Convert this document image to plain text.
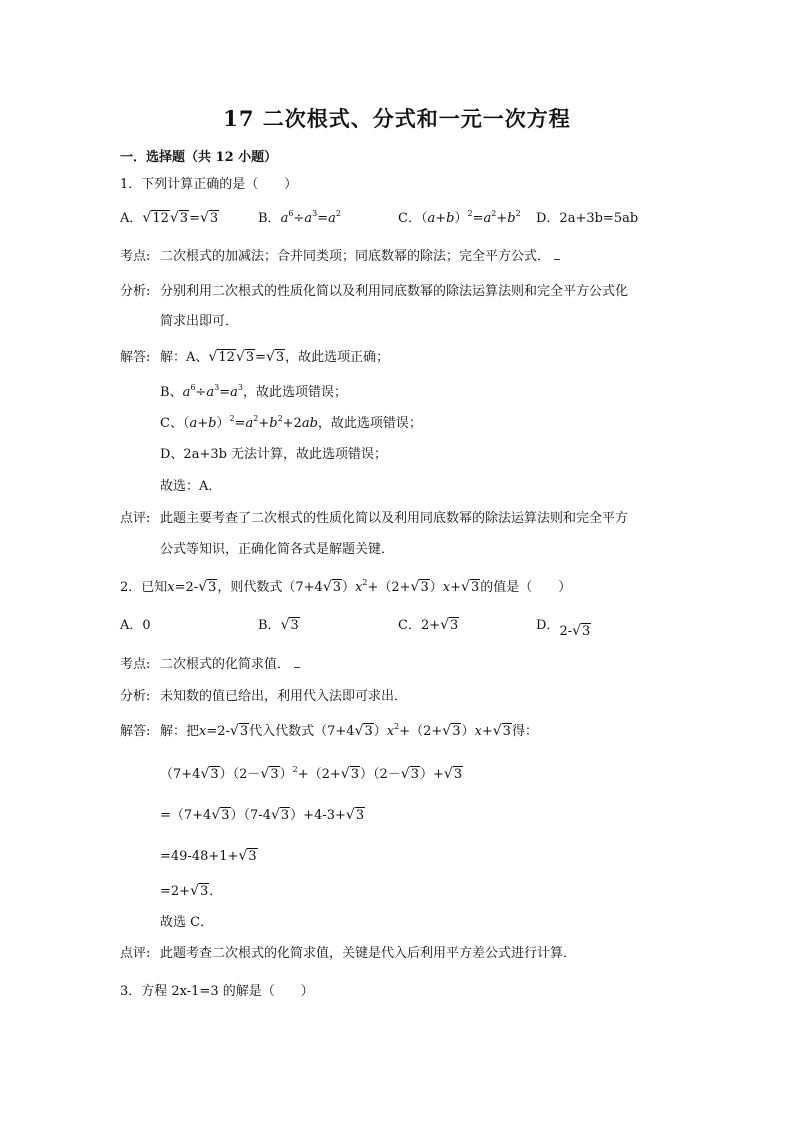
17 二次根式、分式和一元一次方程
一．选择题（共 12 小题）
1．下列计算正确的是（　　）
A．√12√3=√3	B．$a^6\div a^3=a^2$	C．$(a+b)^2=a^2+b^2$ D．2a+3b=5ab
考点: 二次根式的加减法；合并同类项；同底数幂的除法；完全平方公式．
分析: 分别利用二次根式的性质化简以及利用同底数幂的除法运算法则和完全平方公式化
简求出即可．
解答: 解：A、√12√3=√3，故此选项正确；
B、$a^6\div a^3=a^3$，故此选项错误；
C、$(a+b)^2=a^2+b^2+2ab$，故此选项错误；
D、2a+3b 无法计算，故此选项错误；
故选：A．
点评: 此题主要考查了二次根式的性质化简以及利用同底数幂的除法运算法则和完全平方
公式等知识，正确化简各式是解题关键．
2．已知x=2-√3，则代数式$(7+4√3)x^2+(2+√3)x+√3$的值是（　　）
A．0	B．√3	C．2+√3	D．2-√3
考点: 二次根式的化简求值．
分析: 未知数的值已给出，利用代入法即可求出．
解答: 解：把x=2-√3代入代数式$(7+4√3)x^2+(2+√3)x+√3$得：
$(7+4√3)(2-√3)^2+(2+√3)(2-√3)+√3$
=（7+4√3）（7-4√3）+4-3+√3
=49-48+1+√3
=2+√3．
故选 C．
点评: 此题考查二次根式的化简求值，关键是代入后利用平方差公式进行计算．
3．方程 2x-1=3 的解是（　　）
